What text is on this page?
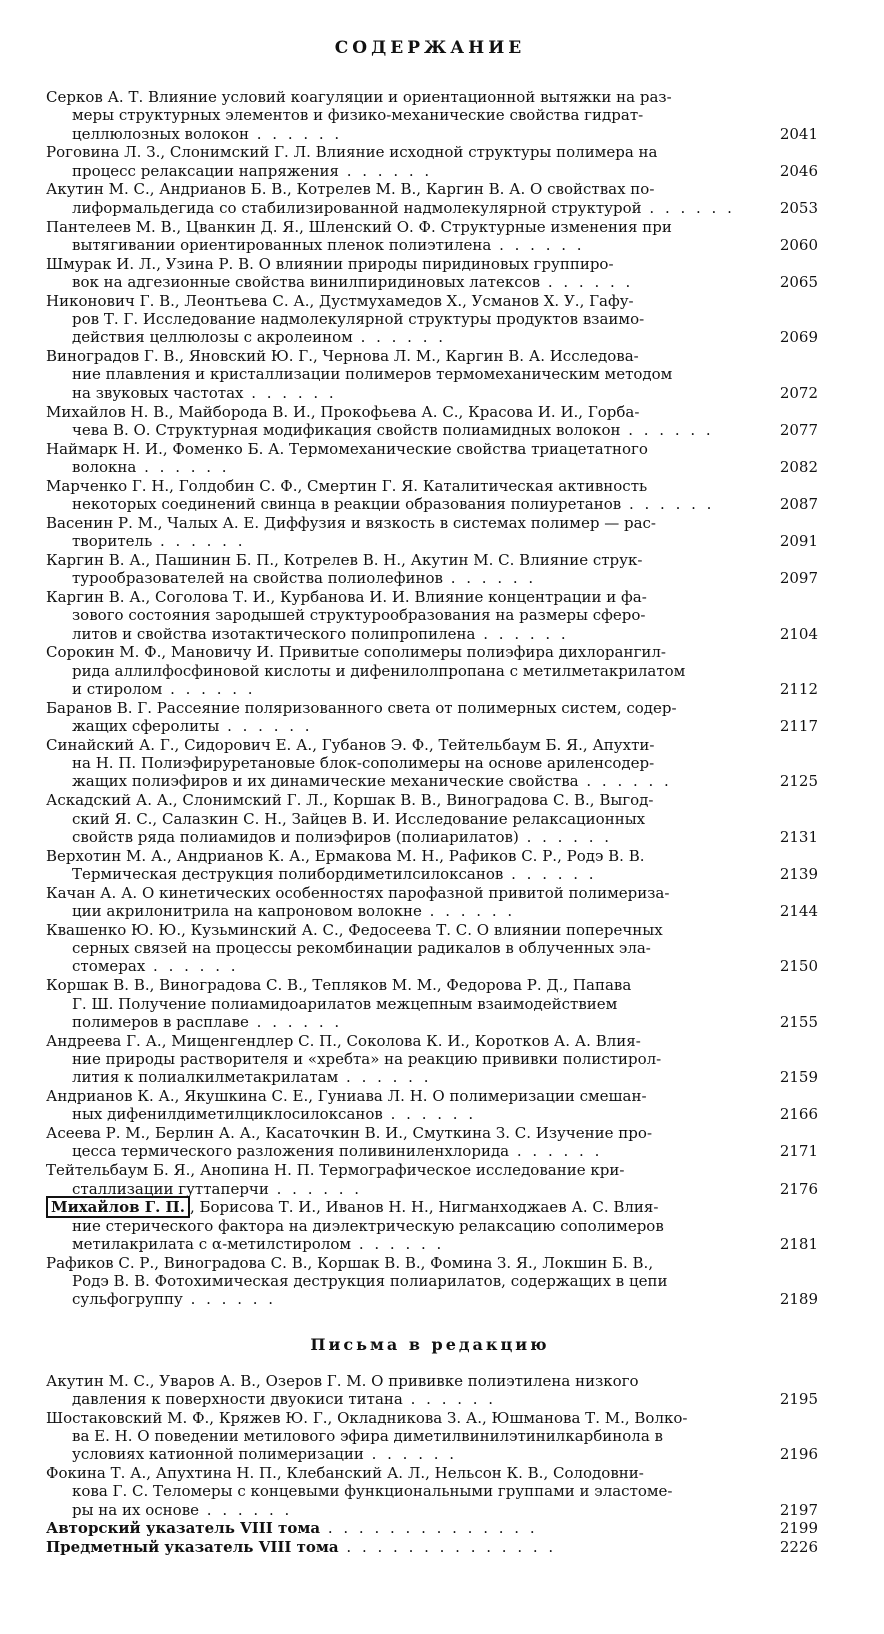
СОДЕРЖАНИЕ
Серков А. Т. Влияние условий коагуляции и ориентационной вытяжки на раз-
меры структурных элементов и физико-механические свойства гидрат-
целлюлозных волокон . . . . . .	2041
Роговина Л. З., Слонимский Г. Л. Влияние исходной структуры полимера на
процесс релаксации напряжения . . . . . .	2046
Акутин М. С., Андрианов Б. В., Котрелев М. В., Каргин В. А. О свойствах по-
лиформальдегида со стабилизированной надмолекулярной структурой . . . . . .	2053
Пантелеев М. В., Цванкин Д. Я., Шленский О. Ф. Структурные изменения при
вытягивании ориентированных пленок полиэтилена . . . . . .	2060
Шмурак И. Л., Узина Р. В. О влиянии природы пиридиновых группиро-
вок на адгезионные свойства винилпиридиновых латексов . . . . . .	2065
Никонович Г. В., Леонтьева С. А., Дустмухамедов Х., Усманов Х. У., Гафу-
ров Т. Г. Исследование надмолекулярной структуры продуктов взаимо-
действия целлюлозы с акролеином . . . . . .	2069
Виноградов Г. В., Яновский Ю. Г., Чернова Л. М., Каргин В. А. Исследова-
ние плавления и кристаллизации полимеров термомеханическим методом
на звуковых частотах . . . . . .	2072
Михайлов Н. В., Майборода В. И., Прокофьева А. С., Красова И. И., Горба-
чева В. О. Структурная модификация свойств полиамидных волокон . . . . . .	2077
Наймарк Н. И., Фоменко Б. А. Термомеханические свойства триацетатного
волокна . . . . . .	2082
Марченко Г. Н., Голдобин С. Ф., Смертин Г. Я. Каталитическая активность
некоторых соединений свинца в реакции образования полиуретанов . . . . . .	2087
Васенин Р. М., Чалых А. Е. Диффузия и вязкость в системах полимер — рас-
творитель . . . . . .	2091
Каргин В. А., Пашинин Б. П., Котрелев В. Н., Акутин М. С. Влияние струк-
турообразователей на свойства полиолефинов . . . . . .	2097
Каргин В. А., Соголова Т. И., Курбанова И. И. Влияние концентрации и фа-
зового состояния зародышей структурообразования на размеры сферо-
литов и свойства изотактического полипропилена . . . . . .	2104
Сорокин М. Ф., Мановичу И. Привитые сополимеры полиэфира дихлорангил-
рида аллилфосфиновой кислоты и дифенилолпропана с метилметакрилатом
и стиролом . . . . . .	2112
Баранов В. Г. Рассеяние поляризованного света от полимерных систем, содер-
жащих сферолиты . . . . . .	2117
Синайский А. Г., Сидорович Е. А., Губанов Э. Ф., Тейтельбаум Б. Я., Апухти-
на Н. П. Полиэфируретановые блок-сополимеры на основе ариленсодер-
жащих полиэфиров и их динамические механические свойства . . . . . .	2125
Аскадский А. А., Слонимский Г. Л., Коршак В. В., Виноградова С. В., Выгод-
ский Я. С., Салазкин С. Н., Зайцев В. И. Исследование релаксационных
свойств ряда полиамидов и полиэфиров (полиарилатов) . . . . . .	2131
Верхотин М. А., Андрианов К. А., Ермакова М. Н., Рафиков С. Р., Родэ В. В.
Термическая деструкция полибордиметилсилоксанов . . . . . .	2139
Качан А. А. О кинетических особенностях парофазной привитой полимериза-
ции акрилонитрила на капроновом волокне . . . . . .	2144
Квашенко Ю. Ю., Кузьминский А. С., Федосеева Т. С. О влиянии поперечных
серных связей на процессы рекомбинации радикалов в облученных эла-
стомерах . . . . . .	2150
Коршак В. В., Виноградова С. В., Тепляков М. М., Федорова Р. Д., Папава
Г. Ш. Получение полиамидоарилатов межцепным взаимодействием
полимеров в расплаве . . . . . .	2155
Андреева Г. А., Мищенгендлер С. П., Соколова К. И., Коротков А. А. Влия-
ние природы растворителя и «хребта» на реакцию прививки полистирол-
лития к полиалкилметакрилатам . . . . . .	2159
Андрианов К. А., Якушкина С. Е., Гуниава Л. Н. О полимеризации смешан-
ных дифенилдиметилциклосилоксанов . . . . . .	2166
Асеева Р. М., Берлин А. А., Касаточкин В. И., Смуткина З. С. Изучение про-
цесса термического разложения поливиниленхлорида . . . . . .	2171
Тейтельбаум Б. Я., Анопина Н. П. Термографическое исследование кри-
сталлизации гуттаперчи . . . . . .	2176
Михайлов Г. П. , Борисова Т. И., Иванов Н. Н., Нигманходжаев А. С. Влия-
ние стерического фактора на диэлектрическую релаксацию сополимеров
метилакрилата с α-метилстиролом . . . . . .	2181
Рафиков С. Р., Виноградова С. В., Коршак В. В., Фомина З. Я., Локшин Б. В.,
Родэ В. В. Фотохимическая деструкция полиарилатов, содержащих в цепи
сульфогруппу . . . . . .	2189
Письма в редакцию
Акутин М. С., Уваров А. В., Озеров Г. М. О прививке полиэтилена низкого
давления к поверхности двуокиси титана . . . . . .	2195
Шостаковский М. Ф., Кряжев Ю. Г., Окладникова З. А., Юшманова Т. М., Волко-
ва Е. Н. О поведении метилового эфира диметилвинилэтинилкарбинола в
условиях катионной полимеризации . . . . . .	2196
Фокина Т. А., Апухтина Н. П., Клебанский А. Л., Нельсон К. В., Солодовни-
кова Г. С. Теломеры с концевыми функциональными группами и эластоме-
ры на их основе . . . . . .	2197
Авторский указатель VIII тома . . . . . . . . . . . . . .	2199
Предметный указатель VIII тома . . . . . . . . . . . . . .	2226
